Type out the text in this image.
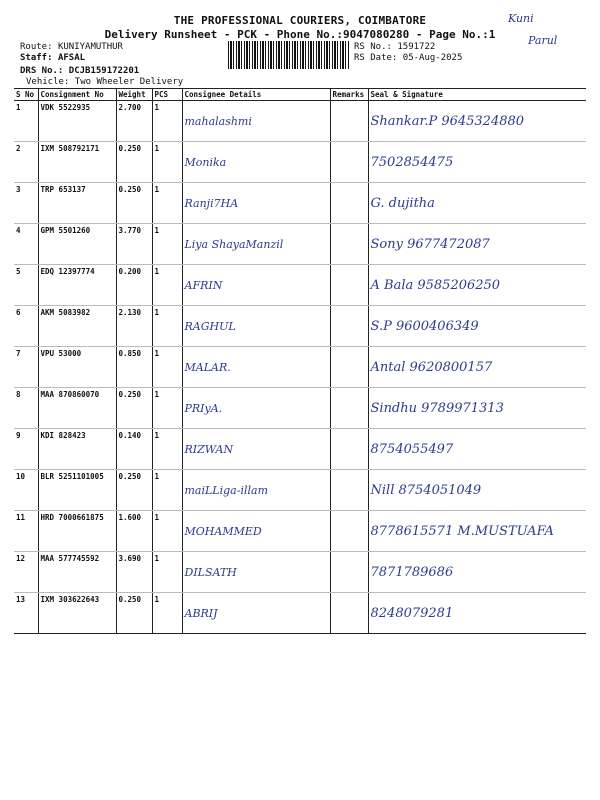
THE PROFESSIONAL COURIERS, COIMBATORE
Delivery Runsheet - PCK - Phone No.:9047080280 - Page No.:1
Kuni
Parul
Route: KUNIYAMUTHUR
Staff: AFSAL
DRS No.: DCJB159172201
Vehicle: Two Wheeler Delivery
RS No.: 1591722
RS Date: 05-Aug-2025
S No	Consignment No	Weight	PCS	Consignee Details	Remarks	Seal & Signature
1	VDK 5522935	2.700	1	mahalashmi		Shankar.P 9645324880
2	IXM 508792171	0.250	1	Monika		7502854475
3	TRP 653137	0.250	1	Ranji7HA		G. dujitha
4	GPM 5501260	3.770	1	Liya ShayaManzil		Sony 9677472087
5	EDQ 12397774	0.200	1	AFRIN		A Bala 9585206250
6	AKM 5083982	2.130	1	RAGHUL		S.P 9600406349
7	VPU 53000	0.850	1	MALAR.		Antal 9620800157
8	MAA 870860070	0.250	1	PRIyA.		Sindhu 9789971313
9	KDI 828423	0.140	1	RIZWAN		8754055497
10	BLR 5251101005	0.250	1	maiLLiga-illam		Nill 8754051049
11	HRD 7000661875	1.600	1	MOHAMMED		8778615571 M.MUSTUAFA
12	MAA 577745592	3.690	1	DILSATH		7871789686
13	IXM 303622643	0.250	1	ABRIJ		8248079281
